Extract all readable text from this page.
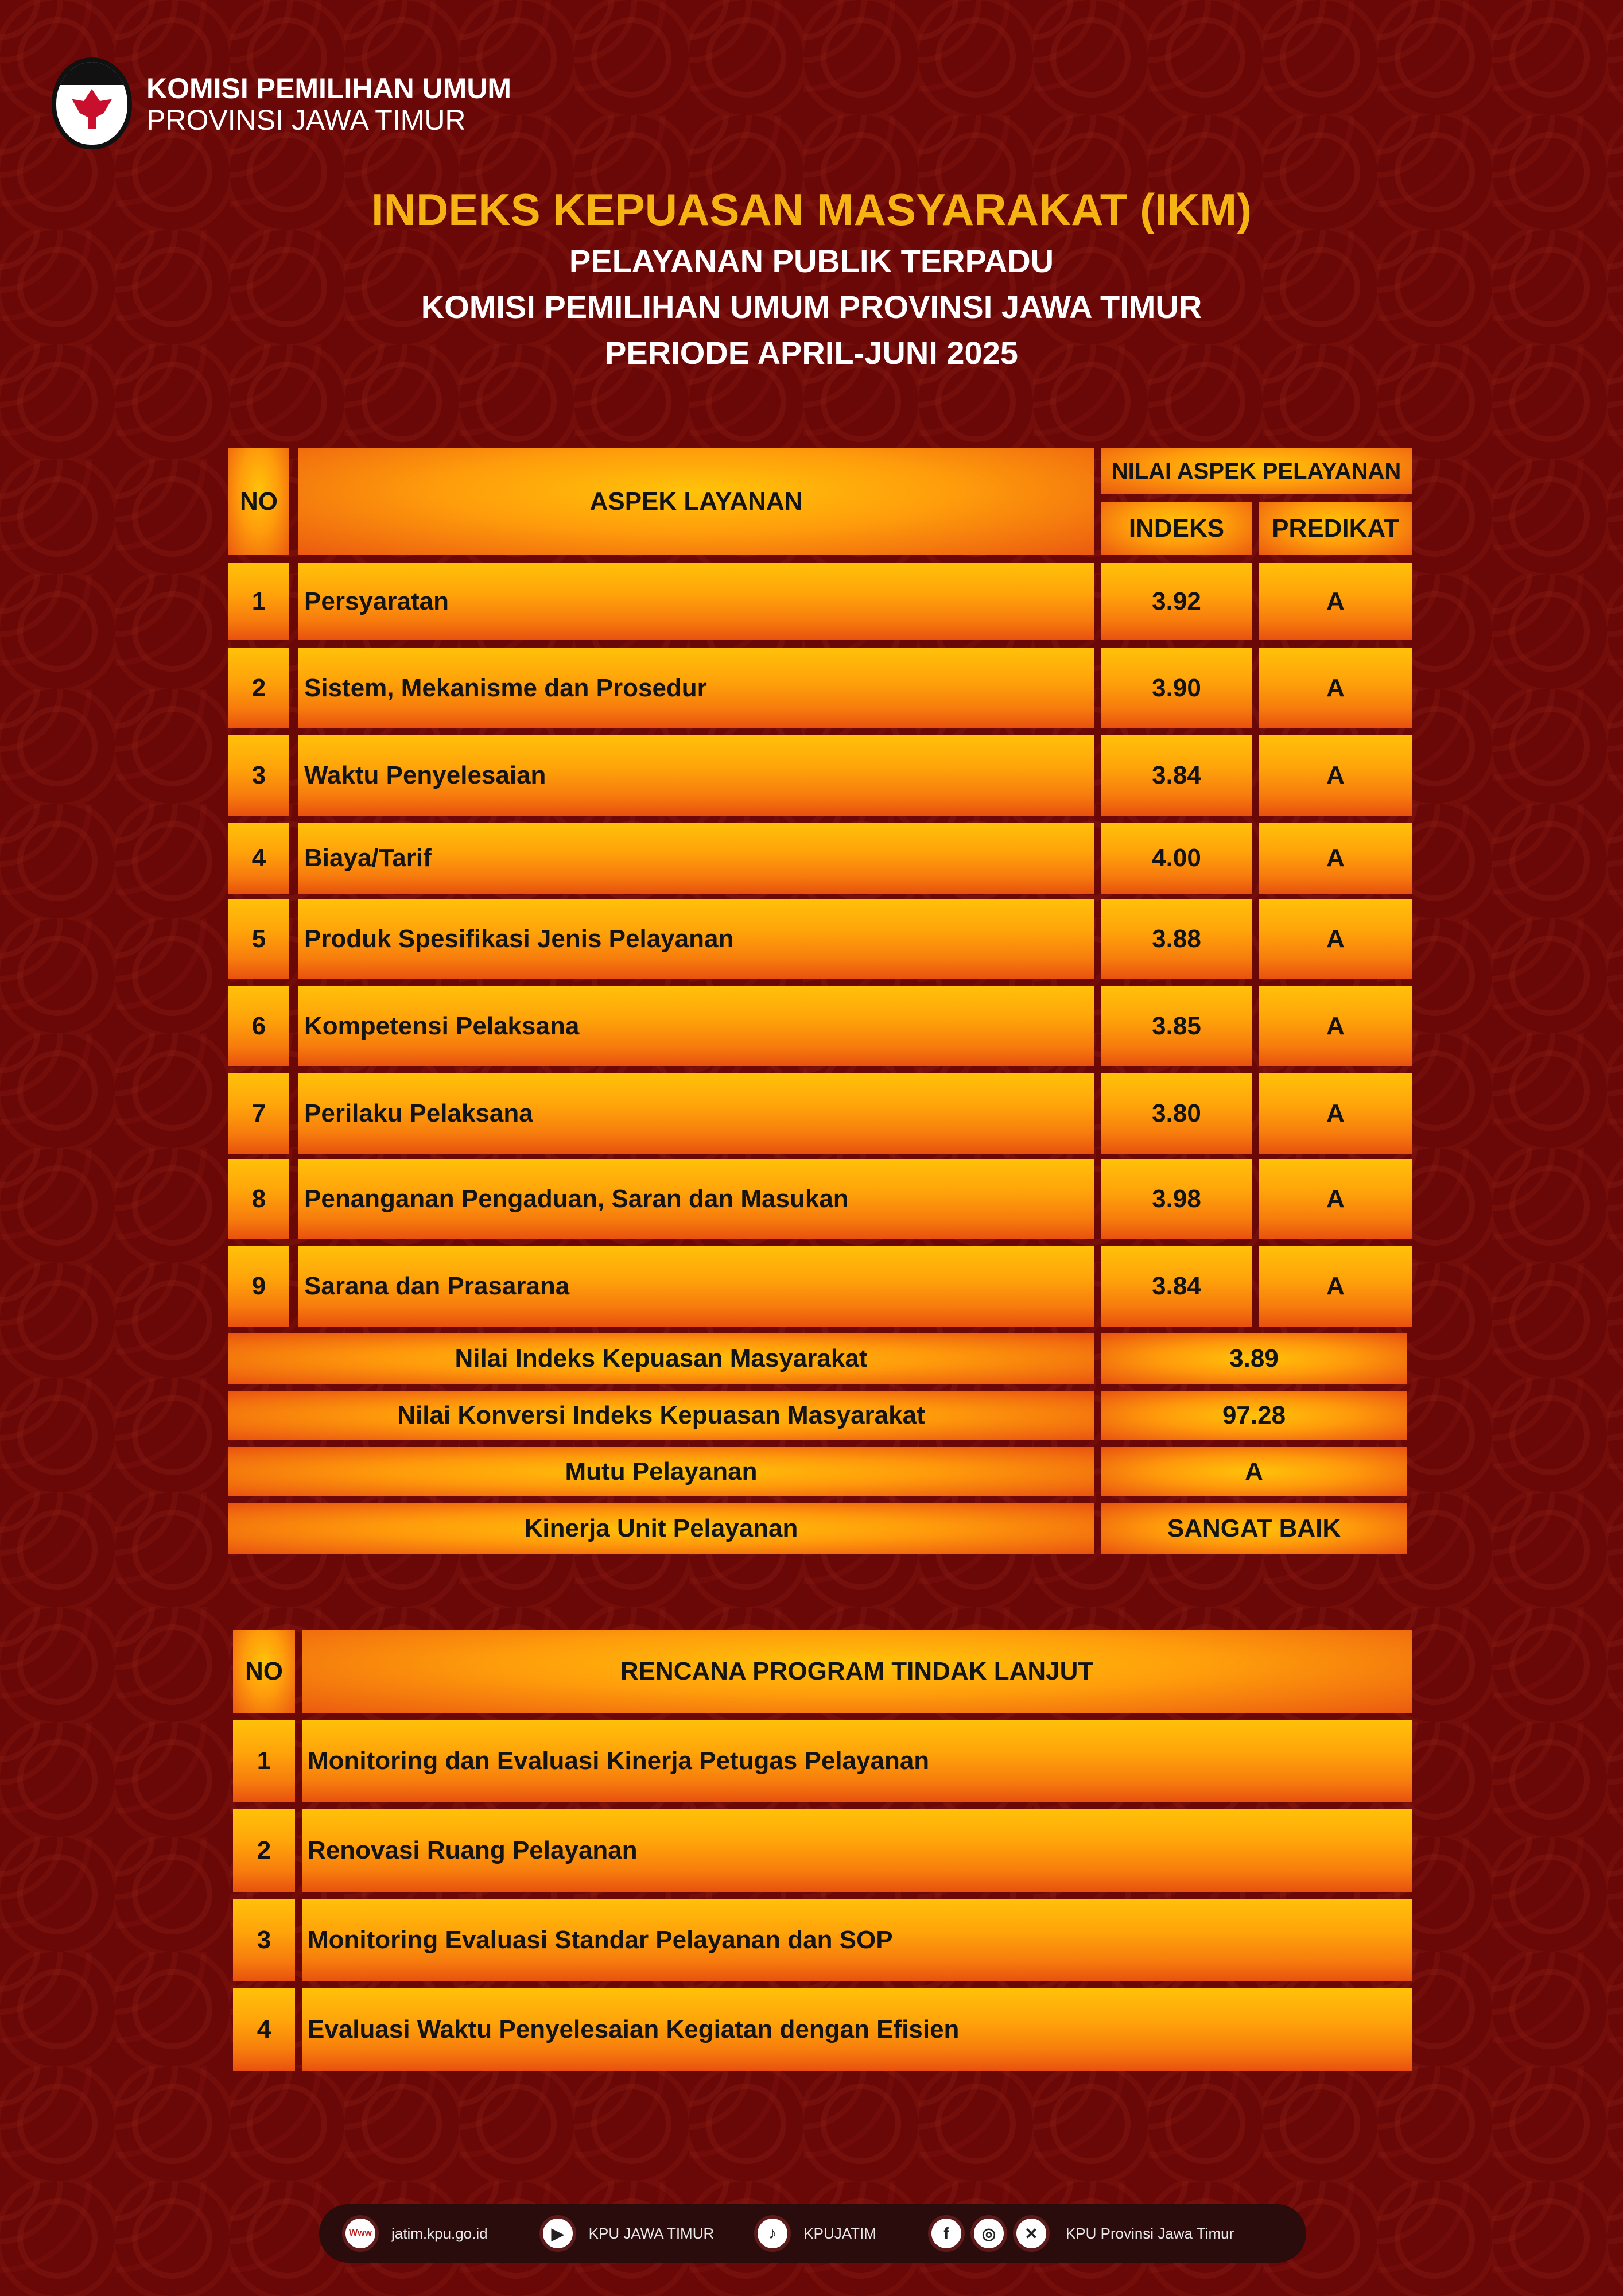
KOMISI PEMILIHAN UMUM
PROVINSI JAWA TIMUR
INDEKS KEPUASAN MASYARAKAT (IKM)
PELAYANAN PUBLIK TERPADU
KOMISI PEMILIHAN UMUM PROVINSI JAWA TIMUR
PERIODE APRIL-JUNI 2025
NO	ASPEK LAYANAN
NILAI ASPEK PELAYANAN
INDEKS	PREDIKAT
1	Persyaratan	3.92	A
2	Sistem, Mekanisme dan Prosedur	3.90	A
3	Waktu Penyelesaian	3.84	A
4	Biaya/Tarif	4.00	A
5	Produk Spesifikasi Jenis Pelayanan	3.88	A
6	Kompetensi Pelaksana	3.85	A
7	Perilaku Pelaksana	3.80	A
8	Penanganan Pengaduan, Saran dan Masukan	3.98	A
9	Sarana dan Prasarana	3.84	A
Nilai Indeks Kepuasan Masyarakat	3.89
Nilai Konversi Indeks Kepuasan Masyarakat	97.28
Mutu Pelayanan	A
Kinerja Unit Pelayanan	SANGAT BAIK
NO	RENCANA PROGRAM TINDAK LANJUT
1	Monitoring dan Evaluasi Kinerja Petugas Pelayanan
2	Renovasi Ruang Pelayanan
3	Monitoring Evaluasi Standar Pelayanan dan SOP
4	Evaluasi Waktu Penyelesaian Kegiatan dengan Efisien
Www	jatim.kpu.go.id	▶	KPU JAWA TIMUR	♪	KPUJATIM	f	◎	✕	KPU Provinsi Jawa Timur
